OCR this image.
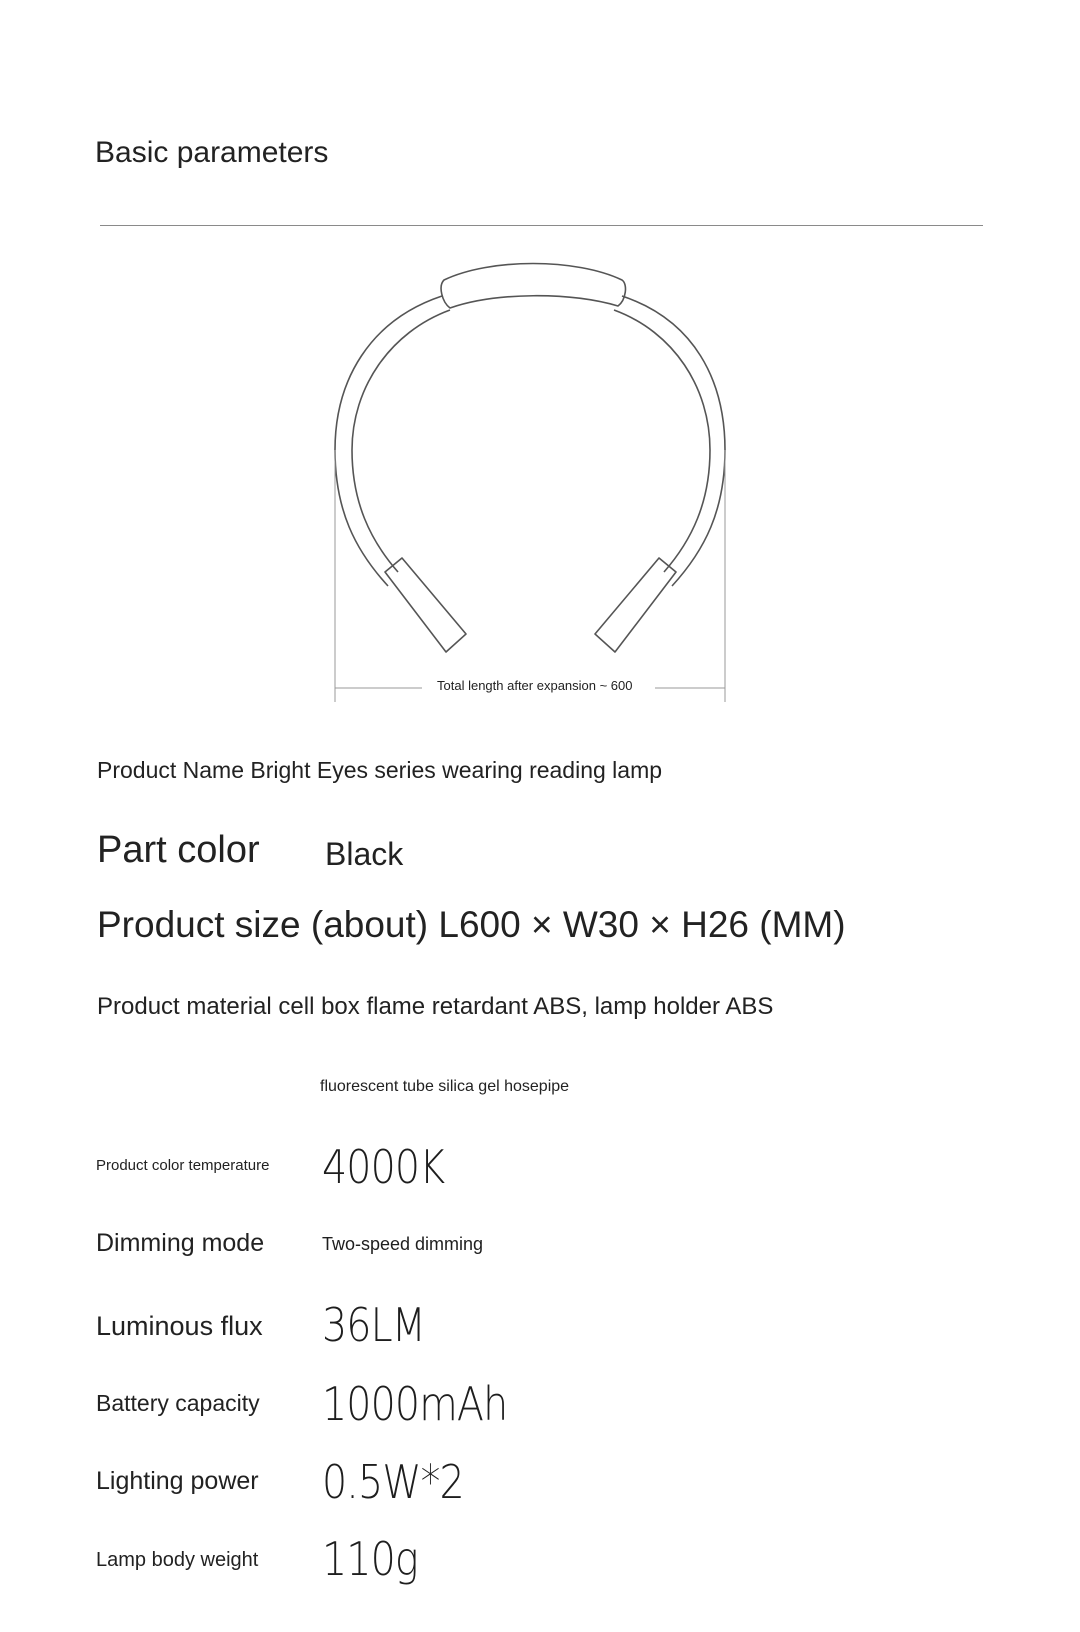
Basic parameters
Total length after expansion ~ 600
Product Name Bright Eyes series wearing reading lamp
Part color Black
Product size (about) L600 × W30 × H26 (MM)
Product material cell box flame retardant ABS, lamp holder ABS
fluorescent tube silica gel hosepipe
Product color temperature 4000K
Dimming mode	Two-speed dimming
Luminous flux 36LM
Battery capacity 1000mAh
Lighting power 0.5W*2
Lamp body weight 110g
